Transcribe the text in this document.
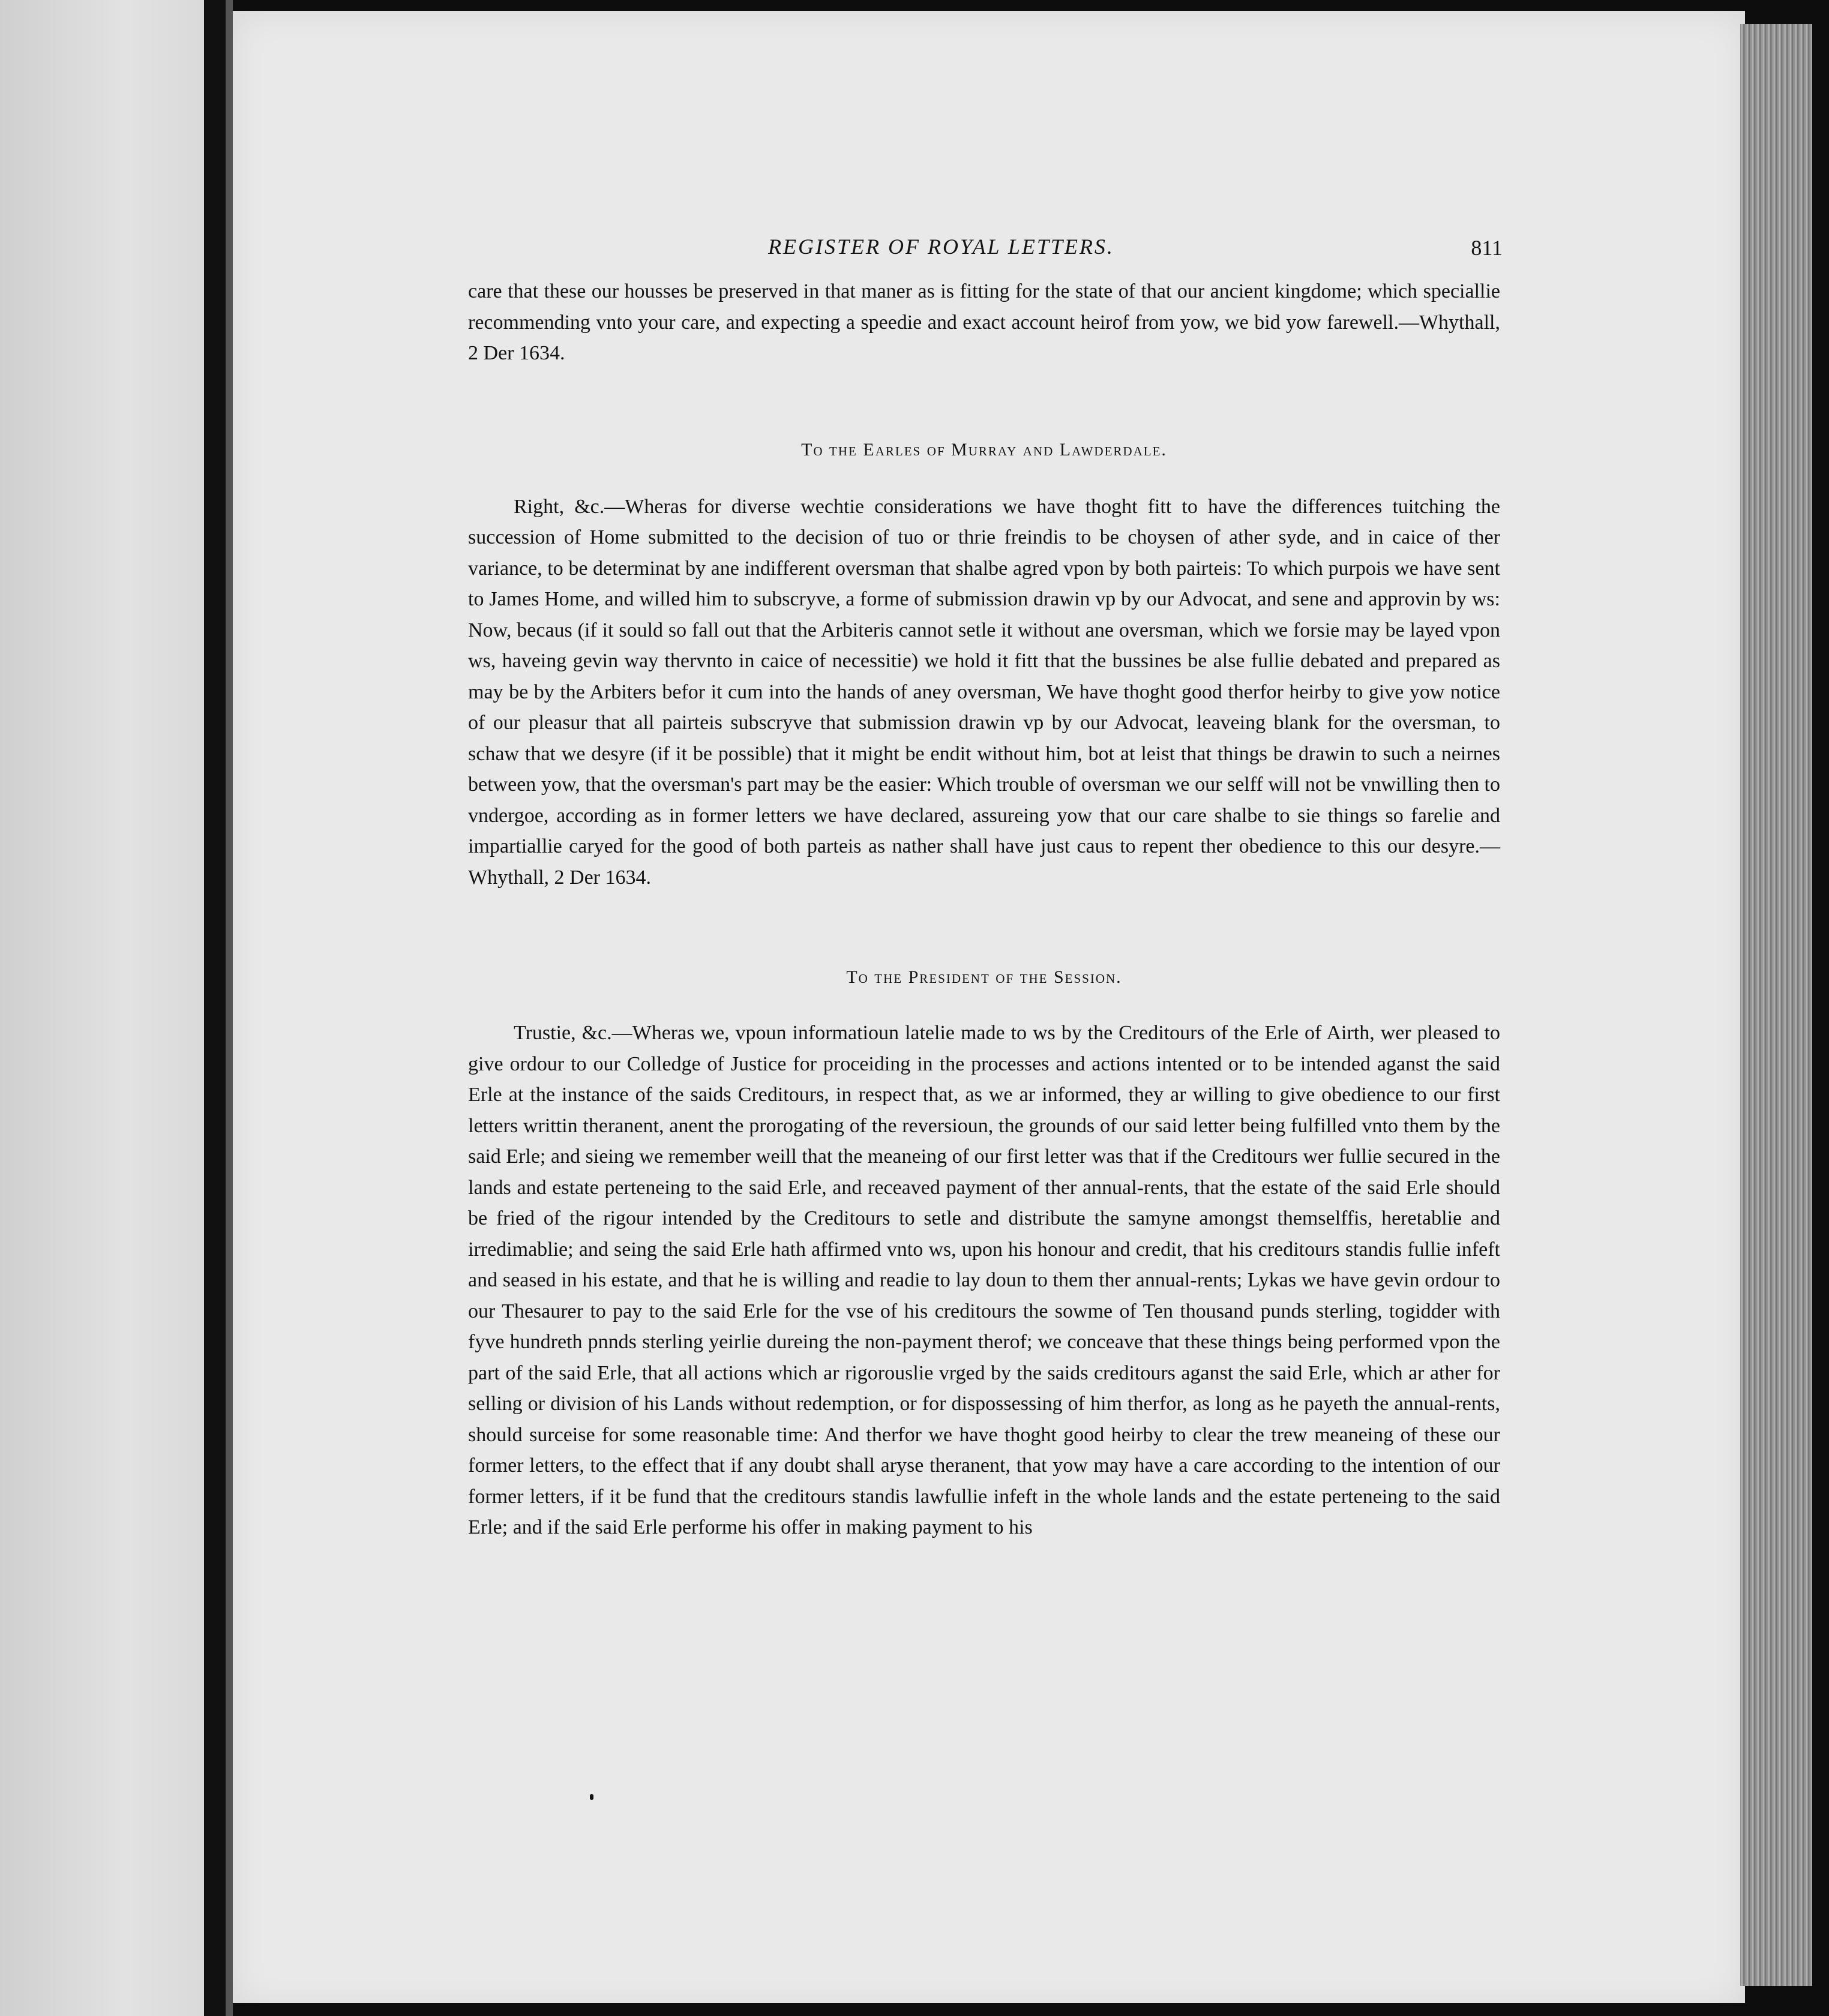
REGISTER OF ROYAL LETTERS.	811

care that these our housses be preserved in that maner as is fitting for the state of that our ancient kingdome; which speciallie recommending vnto your care, and expecting a speedie and exact account heirof from yow, we bid yow farewell.—Whythall, 2 Der 1634.

To the Earles of Murray and Lawderdale.

Right, &c.—Wheras for diverse wechtie considerations we have thoght fitt to have the differences tuitching the succession of Home submitted to the decision of tuo or thrie freindis to be choysen of ather syde, and in caice of ther variance, to be determinat by ane indifferent oversman that shalbe agred vpon by both pairteis: To which purpois we have sent to James Home, and willed him to subscryve, a forme of submission drawin vp by our Advocat, and sene and approvin by ws: Now, becaus (if it sould so fall out that the Arbiteris cannot setle it without ane oversman, which we forsie may be layed vpon ws, haveing gevin way thervnto in caice of necessitie) we hold it fitt that the bussines be alse fullie debated and prepared as may be by the Arbiters befor it cum into the hands of aney oversman, We have thoght good therfor heirby to give yow notice of our pleasur that all pairteis subscryve that submission drawin vp by our Advocat, leaveing blank for the oversman, to schaw that we desyre (if it be possible) that it might be endit without him, bot at leist that things be drawin to such a neirnes between yow, that the oversman's part may be the easier: Which trouble of oversman we our selff will not be vnwilling then to vndergoe, according as in former letters we have declared, assureing yow that our care shalbe to sie things so farelie and impartiallie caryed for the good of both parteis as nather shall have just caus to repent ther obedience to this our desyre.—Whythall, 2 Der 1634.

To the President of the Session.

Trustie, &c.—Wheras we, vpoun informatioun latelie made to ws by the Creditours of the Erle of Airth, wer pleased to give ordour to our Colledge of Justice for proceiding in the processes and actions intented or to be intended aganst the said Erle at the instance of the saids Creditours, in respect that, as we ar informed, they ar willing to give obedience to our first letters writtin theranent, anent the prorogating of the reversioun, the grounds of our said letter being fulfilled vnto them by the said Erle; and sieing we remember weill that the meaneing of our first letter was that if the Creditours wer fullie secured in the lands and estate perteneing to the said Erle, and receaved payment of ther annual-rents, that the estate of the said Erle should be fried of the rigour intended by the Creditours to setle and distribute the samyne amongst themselffis, heretablie and irredimablie; and seing the said Erle hath affirmed vnto ws, upon his honour and credit, that his creditours standis fullie infeft and seased in his estate, and that he is willing and readie to lay doun to them ther annual-rents; Lykas we have gevin ordour to our Thesaurer to pay to the said Erle for the vse of his creditours the sowme of Ten thousand punds sterling, togidder with fyve hundreth pnnds sterling yeirlie dureing the non-payment therof; we conceave that these things being performed vpon the part of the said Erle, that all actions which ar rigorouslie vrged by the saids creditours aganst the said Erle, which ar ather for selling or division of his Lands without redemption, or for dispossessing of him therfor, as long as he payeth the annual-rents, should surceise for some reasonable time: And therfor we have thoght good heirby to clear the trew meaneing of these our former letters, to the effect that if any doubt shall aryse theranent, that yow may have a care according to the intention of our former letters, if it be fund that the creditours standis lawfullie infeft in the whole lands and the estate perteneing to the said Erle; and if the said Erle performe his offer in making payment to his
